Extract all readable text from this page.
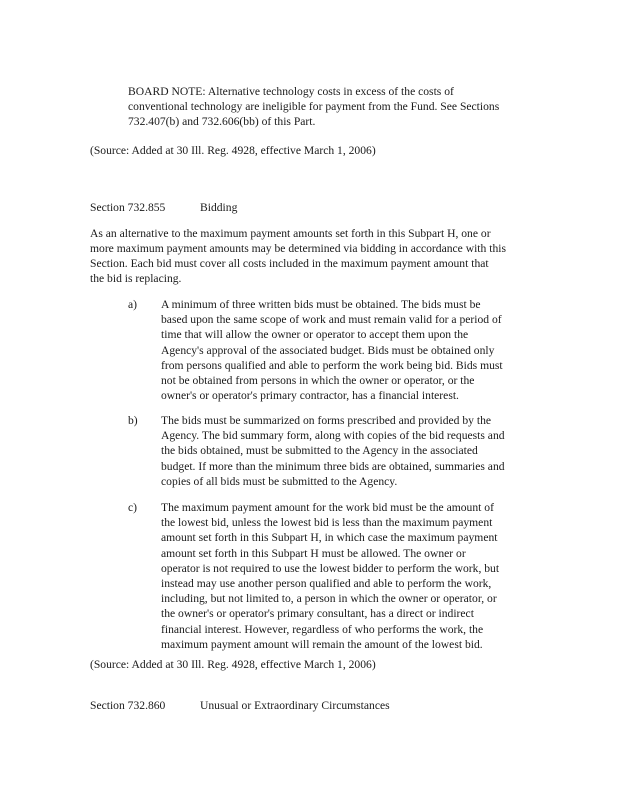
BOARD NOTE: Alternative technology costs in excess of the costs of
conventional technology are ineligible for payment from the Fund. See Sections
732.407(b) and 732.606(bb) of this Part.
(Source: Added at 30 Ill. Reg. 4928, effective March 1, 2006)
Section 732.855	Bidding
As an alternative to the maximum payment amounts set forth in this Subpart H, one or
more maximum payment amounts may be determined via bidding in accordance with this
Section. Each bid must cover all costs included in the maximum payment amount that
the bid is replacing.
a) A minimum of three written bids must be obtained. The bids must be
based upon the same scope of work and must remain valid for a period of
time that will allow the owner or operator to accept them upon the
Agency's approval of the associated budget. Bids must be obtained only
from persons qualified and able to perform the work being bid. Bids must
not be obtained from persons in which the owner or operator, or the
owner's or operator's primary contractor, has a financial interest.
b) The bids must be summarized on forms prescribed and provided by the
Agency. The bid summary form, along with copies of the bid requests and
the bids obtained, must be submitted to the Agency in the associated
budget. If more than the minimum three bids are obtained, summaries and
copies of all bids must be submitted to the Agency.
c) The maximum payment amount for the work bid must be the amount of
the lowest bid, unless the lowest bid is less than the maximum payment
amount set forth in this Subpart H, in which case the maximum payment
amount set forth in this Subpart H must be allowed. The owner or
operator is not required to use the lowest bidder to perform the work, but
instead may use another person qualified and able to perform the work,
including, but not limited to, a person in which the owner or operator, or
the owner's or operator's primary consultant, has a direct or indirect
financial interest. However, regardless of who performs the work, the
maximum payment amount will remain the amount of the lowest bid.
(Source: Added at 30 Ill. Reg. 4928, effective March 1, 2006)
Section 732.860	Unusual or Extraordinary Circumstances
